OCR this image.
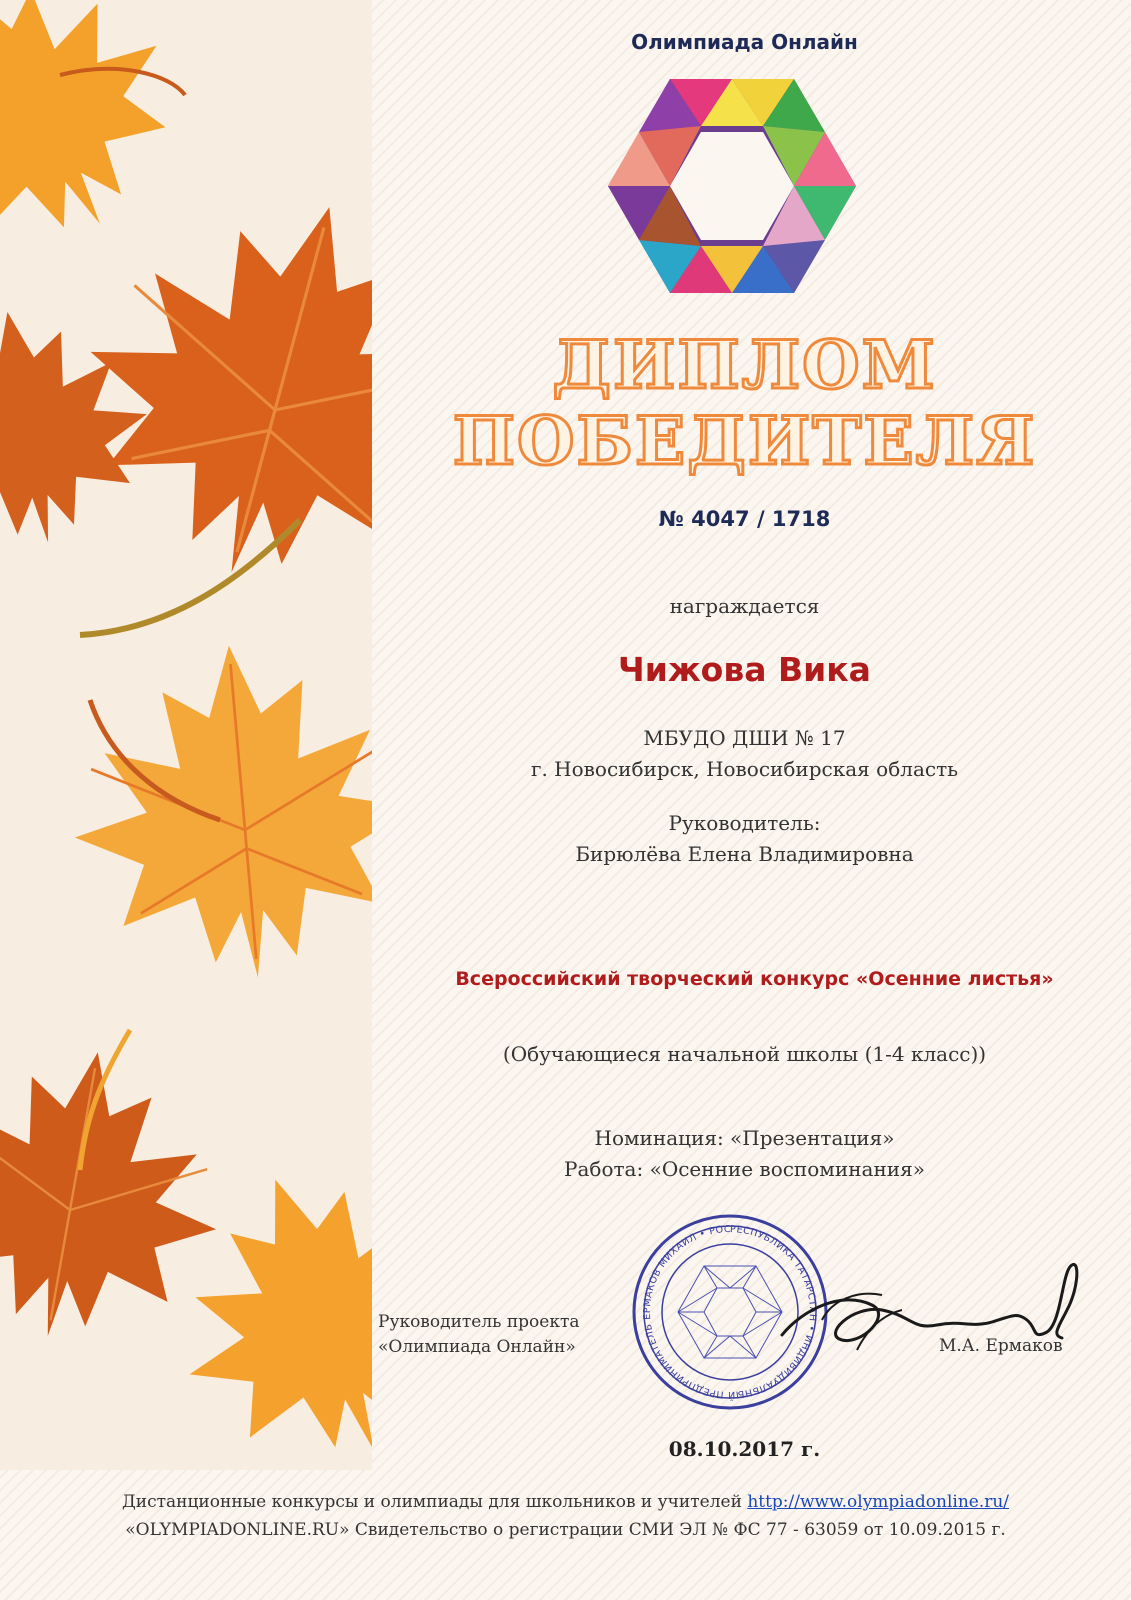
Олимпиада Онлайн
ДИПЛОМ
ПОБЕДИТЕЛЯ
№ 4047 / 1718
награждается
Чижова Вика
МБУДО ДШИ № 17
г. Новосибирск, Новосибирская область
Руководитель:
Бирюлёва Елена Владимировна
Всероссийский творческий конкурс «Осенние листья»
(Обучающиеся начальной школы (1-4 класс))
Номинация: «Презентация»
Работа: «Осенние воспоминания»
Руководитель проекта
«Олимпиада Онлайн»
РЕСПУБЛИКА ТАТАРСТАН • ИНДИВИДУАЛЬНЫЙ ПРЕДПРИНИМАТЕЛЬ ЕРМАКОВ МИХАИЛ • РОССИЙСКАЯ ФЕДЕРАЦИЯ • ИНН 164009239256 • ОГРНИП 314167425300012 •
М.А. Ермаков
08.10.2017 г.
Дистанционные конкурсы и олимпиады для школьников и учителей http://www.olympiadonline.ru/
«OLYMPIADONLINE.RU» Свидетельство о регистрации СМИ ЭЛ № ФС 77 - 63059 от 10.09.2015 г.
